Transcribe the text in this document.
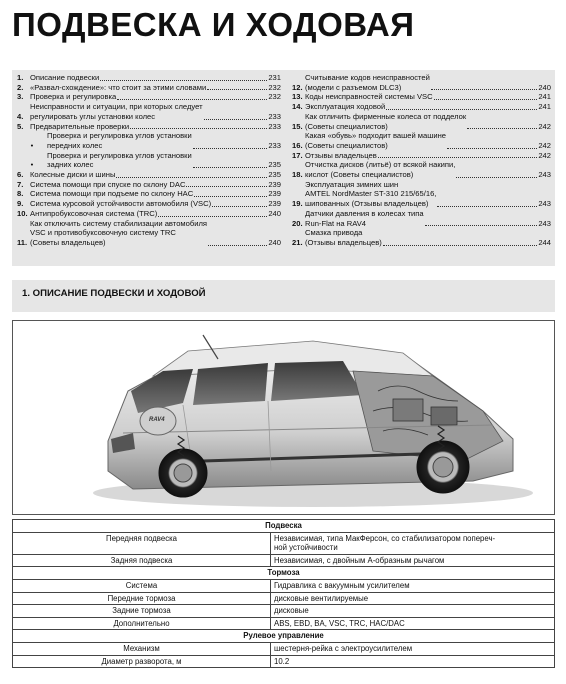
ПОДВЕСКА И ХОДОВАЯ
1. Описание подвески	231
2. «Развал-схождение»: что стоит за этими словами	232
3. Проверка и регулировка	232
4.
Неисправности и ситуации, при которых следует
регулировать углы установки колес	233
5. Предварительные проверки	233
•
Проверка и регулировка углов установки
передних колес	233
•
Проверка и регулировка углов установки
задних колес	235
6. Колесные диски и шины	235
7. Система помощи при спуске по склону DAC	239
8. Система помощи при подъеме по склону HAC	239
9. Система курсовой устойчивости автомобиля (VSC)	239
10. Антипробуксовочная система (TRC)	240
11.
Как отключить систему стабилизации автомобиля
VSC и противобуксовочную систему TRC
(Советы владельцев)	240
12.
Считывание кодов неисправностей
(модели с разъемом DLC3)	240
13. Коды неисправностей системы VSC	241
14. Эксплуатация ходовой	241
15.
Как отличить фирменные колеса от подделок
(Советы специалистов)	242
16.
Какая «обувь» подходит вашей машине
(Советы специалистов)	242
17. Отзывы владельцев	242
18.
Отчистка дисков (литьё) от всякой накипи,
кислот (Советы специалистов)	243
19.
Эксплуатация зимних шин
AMTEL NordMaster ST-310 215/65/16,
шипованных (Отзывы владельцев)	243
20.
Датчики давления в колесах типа
Run-Flat на RAV4	243
21.
Смазка привода
(Отзывы владельцев)	244
1. ОПИСАНИЕ ПОДВЕСКИ И ХОДОВОЙ
RAV4
Подвеска	
Передняя подвеска	Независимая, типа МакФерсон, со стабилизатором попереч-
ной устойчивости
Задняя подвеска	Независимая, с двойным А-образным рычагом
Тормоза	
Система	Гидравлика с вакуумным усилителем
Передние тормоза	дисковые вентилируемые
Задние тормоза	дисковые
Дополнительно	ABS, EBD, BA, VSC, TRC, HAC/DAC
Рулевое управление	
Механизм	шестерня-рейка с электроусилителем
Диаметр разворота, м	10.2
